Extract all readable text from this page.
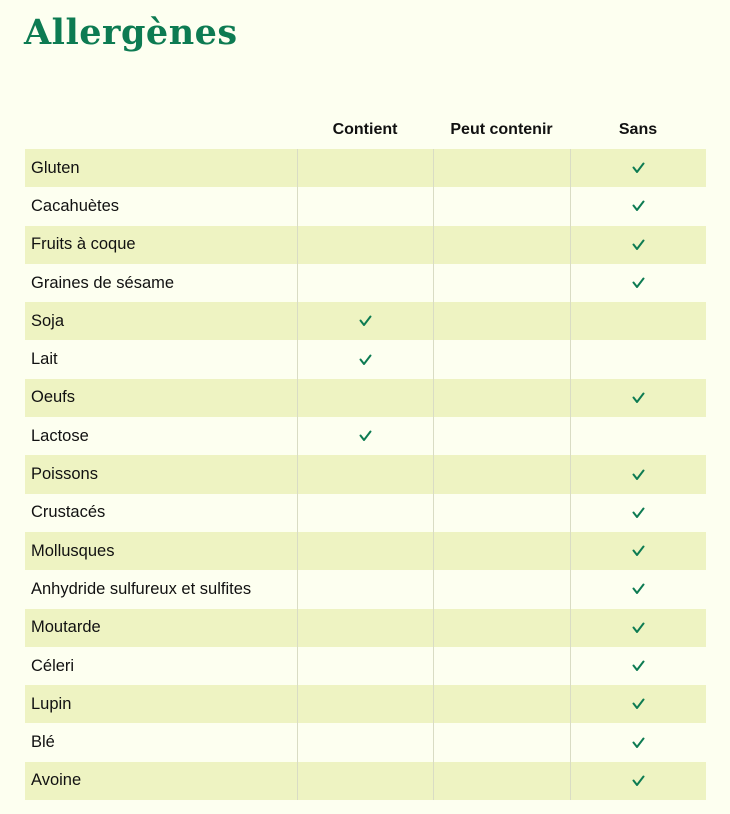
Allergènes
Contient	Peut contenir	Sans
Gluten
Cacahuètes
Fruits à coque
Graines de sésame
Soja
Lait
Oeufs
Lactose
Poissons
Crustacés
Mollusques
Anhydride sulfureux et sulfites
Moutarde
Céleri
Lupin
Blé
Avoine
